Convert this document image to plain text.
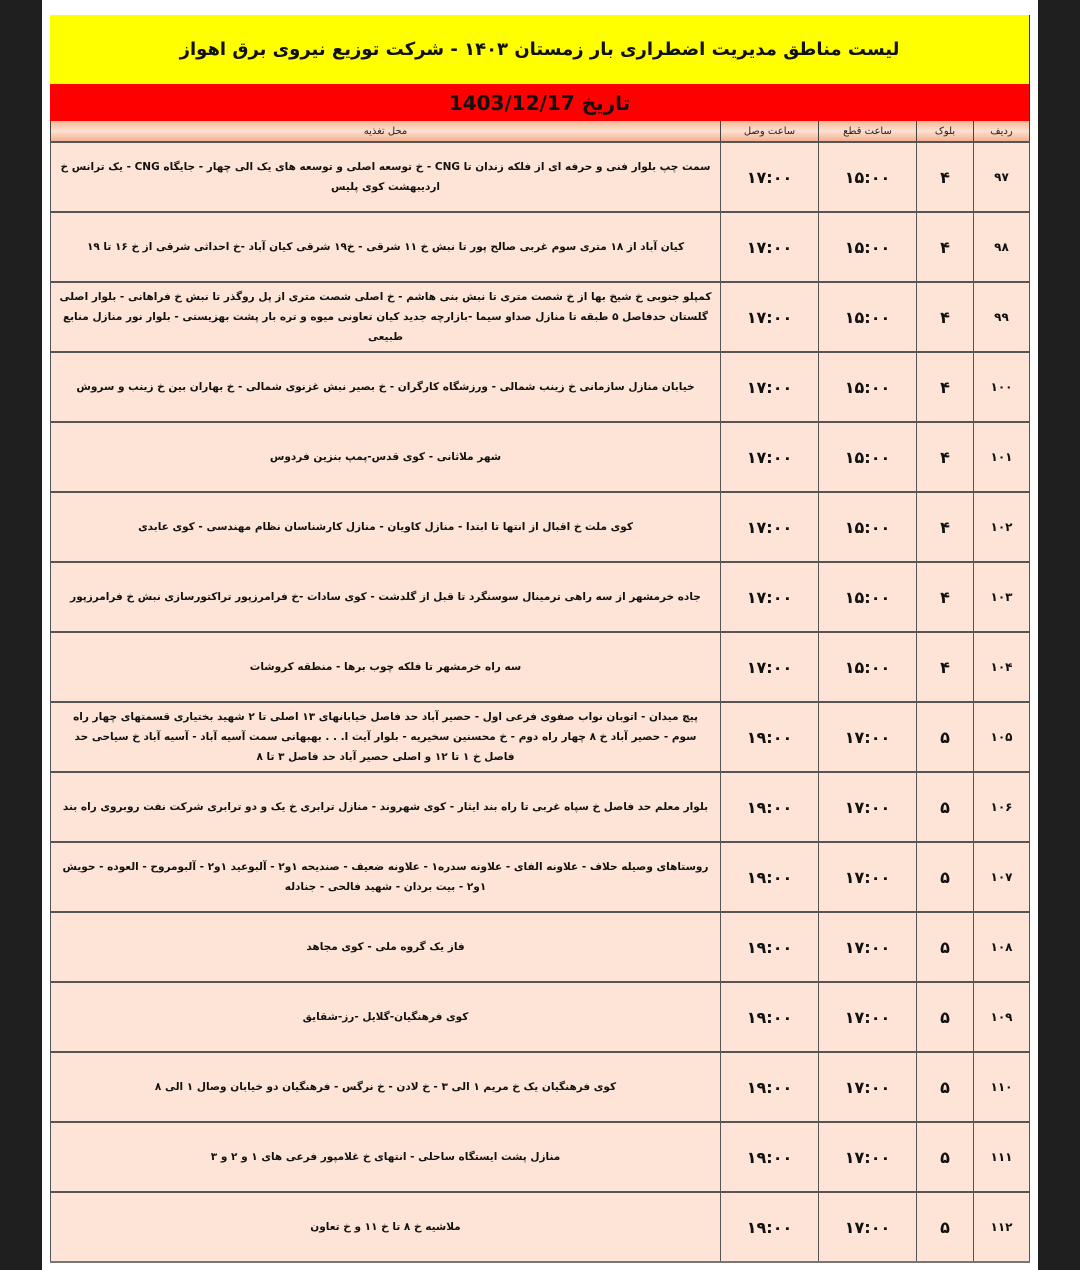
لیست مناطق مدیریت اضطراری بار زمستان ۱۴۰۳ - شرکت توزیع نیروی برق اهواز
تاریخ 1403/12/17
ردیف	بلوک	ساعت قطع	ساعت وصل	محل تغذیه
۹۷	۴	۱۵:۰۰	۱۷:۰۰	سمت چپ بلوار فنی و حرفه ای از فلکه زندان تا CNG - خ توسعه اصلی و توسعه های یک الی چهار - جایگاه CNG - یک ترانس خ اردیبهشت کوی پلیس
۹۸	۴	۱۵:۰۰	۱۷:۰۰	کیان آباد از ۱۸ متری سوم غربی صالح پور تا نبش خ ۱۱ شرقی - خ۱۹ شرقی کیان آباد -خ احداثی شرقی از خ ۱۶ تا ۱۹
۹۹	۴	۱۵:۰۰	۱۷:۰۰	کمپلو جنوبی خ شیخ بها از خ شصت متری تا نبش بنی هاشم - خ اصلی شصت متری از پل روگذر تا نبش خ فراهانی - بلوار اصلی گلستان حدفاصل ۵ طبقه تا منازل صداو سیما -بازارچه جدید کیان تعاونی میوه و تره بار پشت بهزیستی - بلوار نور منازل منابع طبیعی
۱۰۰	۴	۱۵:۰۰	۱۷:۰۰	خیابان منازل سازمانی خ زینب شمالی - ورزشگاه کارگران - خ بصیر نبش غزنوی شمالی - خ بهاران بین خ زینب و سروش
۱۰۱	۴	۱۵:۰۰	۱۷:۰۰	شهر ملاثانی - کوی قدس-پمپ بنزین فردوس
۱۰۲	۴	۱۵:۰۰	۱۷:۰۰	کوی ملت خ اقبال از انتها تا ابتدا - منازل کاویان - منازل کارشناسان نظام مهندسی - کوی عابدی
۱۰۳	۴	۱۵:۰۰	۱۷:۰۰	جاده خرمشهر از سه راهی ترمینال سوسنگرد تا قبل از گلدشت - کوی سادات -خ فرامرزپور تراکتورسازی نبش خ فرامرزپور
۱۰۴	۴	۱۵:۰۰	۱۷:۰۰	سه راه خرمشهر تا فلکه چوب برها - منطقه کروشات
۱۰۵	۵	۱۷:۰۰	۱۹:۰۰	پیچ میدان - اتوبان نواب صفوی فرعی اول - حصیر آباد حد فاصل خیابانهای ۱۳ اصلی تا ۲ شهید بختیاری قسمتهای چهار راه سوم - حصیر آباد خ ۸ چهار راه دوم - خ محسنین سخیریه - بلوار آیت ا. . . بهبهانی سمت آسیه آباد - آسیه آباد خ سیاحی حد فاصل خ ۱ تا ۱۲ و اصلی حصیر آباد حد فاصل ۳ تا ۸
۱۰۶	۵	۱۷:۰۰	۱۹:۰۰	بلوار معلم حد فاصل خ سپاه غربی تا راه بند ایثار - کوی شهروند - منازل ترابری خ یک و دو ترابری شرکت نفت روبروی راه بند
۱۰۷	۵	۱۷:۰۰	۱۹:۰۰	روستاهای وصیله حلاف - علاونه الفای - علاونه سدره۱ - علاونه ضعیف - صندیحه ۱و۲ - آلبوعید ۱و۲ - آلبومروح - العوده - حویش ۱و۲ - بیت بردان - شهید فالحی - جنادله
۱۰۸	۵	۱۷:۰۰	۱۹:۰۰	فاز یک گروه ملی - کوی مجاهد
۱۰۹	۵	۱۷:۰۰	۱۹:۰۰	کوی فرهنگیان-گلایل -رز-شقایق
۱۱۰	۵	۱۷:۰۰	۱۹:۰۰	کوی فرهنگیان یک خ مریم ۱ الی ۳ - خ لادن - خ نرگس - فرهنگیان دو خیابان وصال ۱ الی ۸
۱۱۱	۵	۱۷:۰۰	۱۹:۰۰	منازل پشت ایستگاه ساحلی - انتهای خ غلامپور فرعی های ۱ و ۲ و ۳
۱۱۲	۵	۱۷:۰۰	۱۹:۰۰	ملاشیه خ ۸ تا خ ۱۱ و خ تعاون
